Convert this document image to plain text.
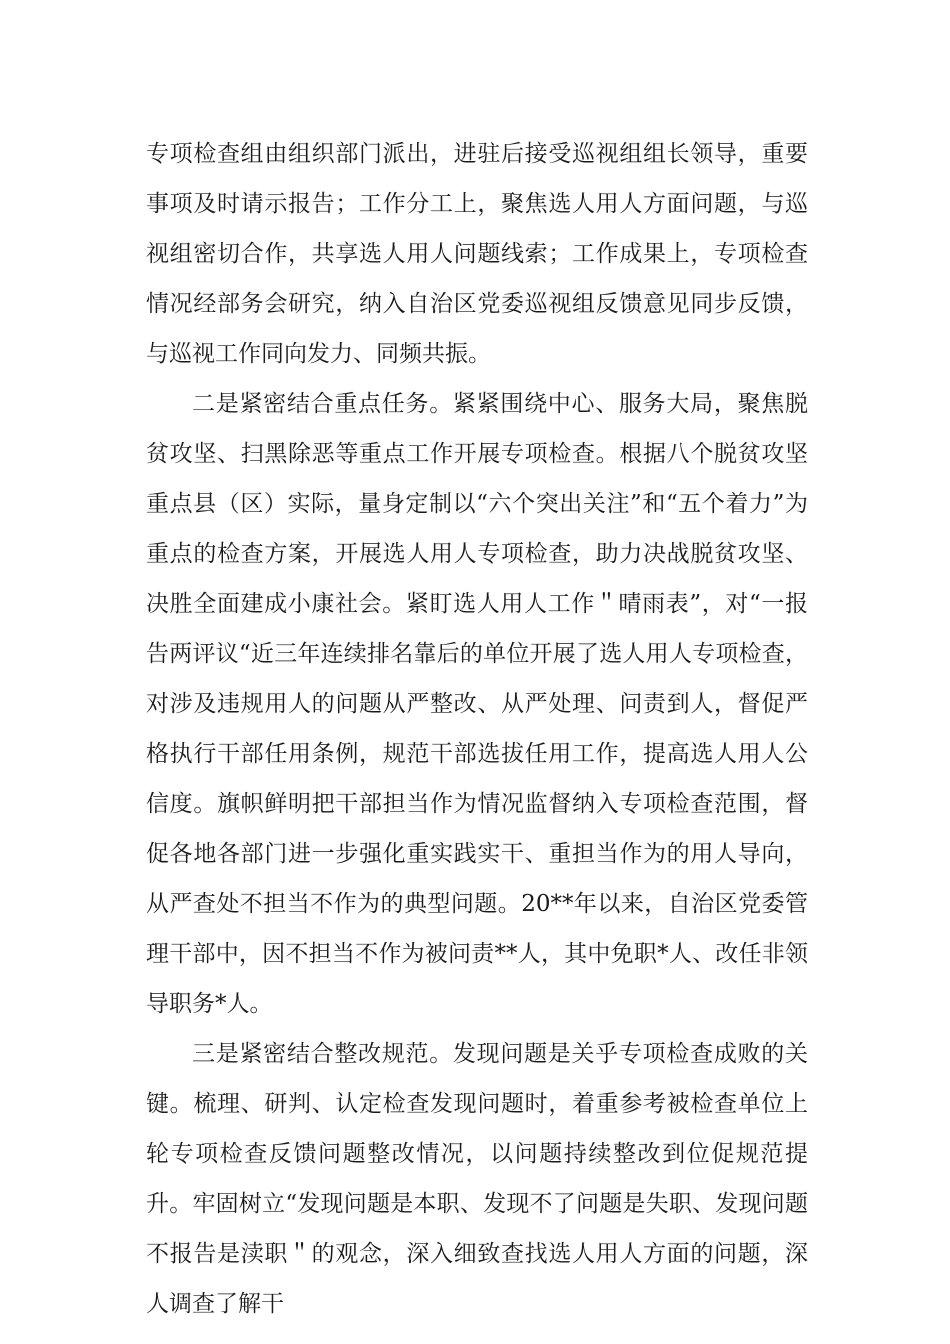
专项检查组由组织部门派出，进驻后接受巡视组组长领导，重要事项及时请示报告；工作分工上，聚焦选人用人方面问题，与巡视组密切合作，共享选人用人问题线索；工作成果上，专项检查情况经部务会研究，纳入自治区党委巡视组反馈意见同步反馈，与巡视工作同向发力、同频共振。

二是紧密结合重点任务。紧紧围绕中心、服务大局，聚焦脱贫攻坚、扫黑除恶等重点工作开展专项检查。根据八个脱贫攻坚重点县（区）实际，量身定制以“六个突出关注”和“五个着力”为重点的检查方案，开展选人用人专项检查，助力决战脱贫攻坚、决胜全面建成小康社会。紧盯选人用人工作＂晴雨表”，对“一报告两评议“近三年连续排名靠后的单位开展了选人用人专项检查，对涉及违规用人的问题从严整改、从严处理、问责到人，督促严格执行干部任用条例，规范干部选拔任用工作，提高选人用人公信度。旗帜鲜明把干部担当作为情况监督纳入专项检查范围，督促各地各部门进一步强化重实践实干、重担当作为的用人导向，从严查处不担当不作为的典型问题。20**年以来，自治区党委管理干部中，因不担当不作为被问责**人，其中免职*人、改任非领导职务*人。

三是紧密结合整改规范。发现问题是关乎专项检查成败的关键。梳理、研判、认定检查发现问题时，着重参考被检查单位上轮专项检查反馈问题整改情况，以问题持续整改到位促规范提升。牢固树立“发现问题是本职、发现不了问题是失职、发现问题不报告是渎职＂的观念，深入细致查找选人用人方面的问题，深人调查了解干
